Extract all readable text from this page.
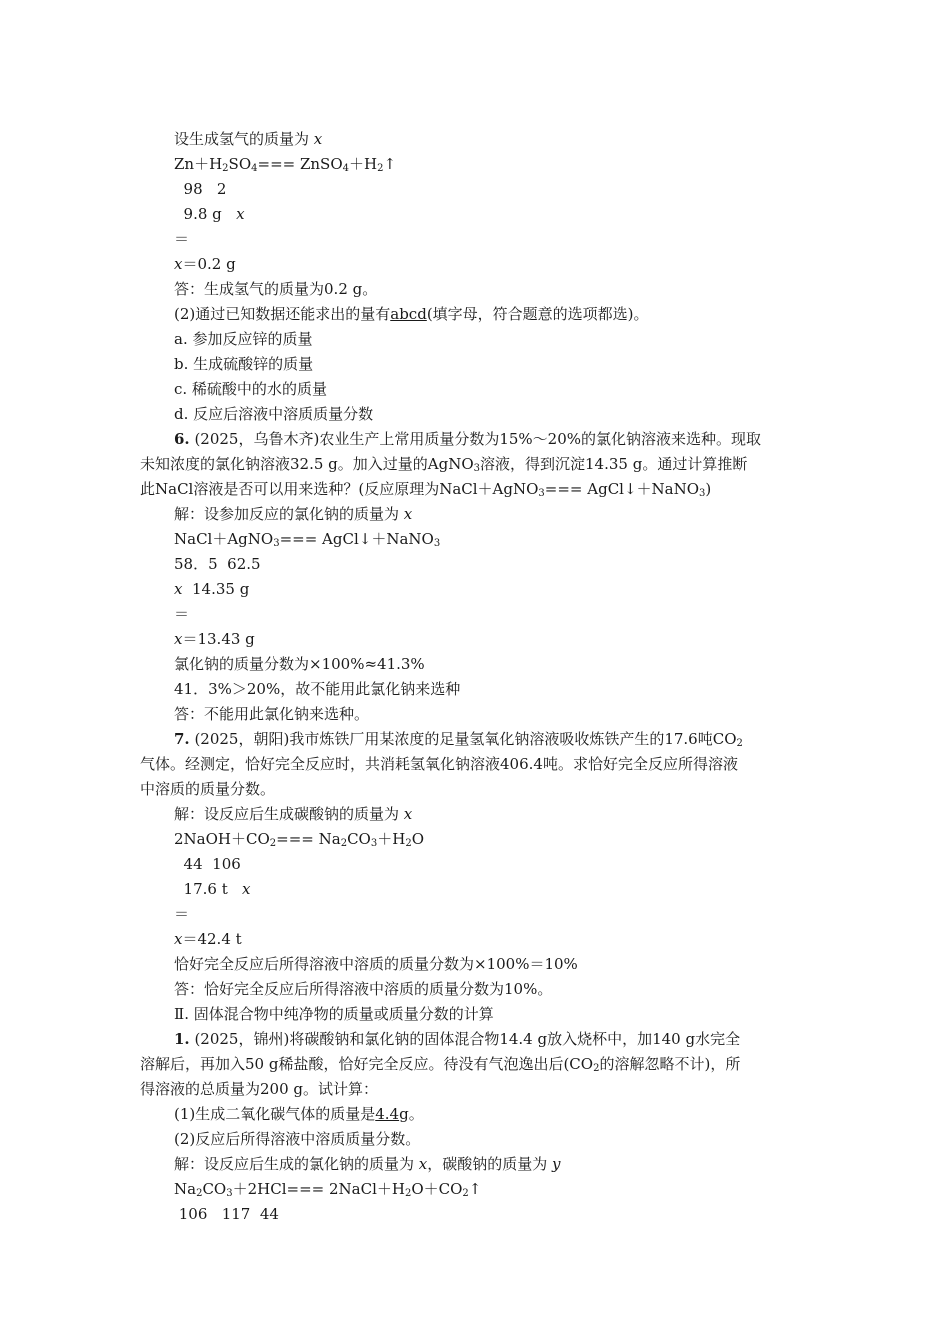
设生成氢气的质量为 x
$Zn+H_2SO_4===$ $ZnSO_4+H_2↑$
98   2
9.8 g   x
＝
x＝0.2 g
答：生成氢气的质量为0.2 g。
(2)通过已知数据还能求出的量有abcd(填字母，符合题意的选项都选)。
a. 参加反应锌的质量
b. 生成硫酸锌的质量
c. 稀硫酸中的水的质量
d. 反应后溶液中溶质质量分数
6. (2025，乌鲁木齐)农业生产上常用质量分数为15%～20%的氯化钠溶液来选种。现取
未知浓度的氯化钠溶液32.5 g。加入过量的AgNO$_3$溶液，得到沉淀14.35 g。通过计算推断
此NaCl溶液是否可以用来选种？(反应原理为NaCl＋AgNO$_3$=== AgCl↓＋NaNO$_3$)
解：设参加反应的氯化钠的质量为 x
NaCl＋AgNO$_3$=== AgCl↓＋NaNO$_3$
58．5  62.5
x  14.35 g
＝
x＝13.43 g
氯化钠的质量分数为×100%≈41.3%
41．3%＞20%，故不能用此氯化钠来选种
答：不能用此氯化钠来选种。
7. (2025，朝阳)我市炼铁厂用某浓度的足量氢氧化钠溶液吸收炼铁产生的17.6吨$CO_2$
气体。经测定，恰好完全反应时，共消耗氢氧化钠溶液406.4吨。求恰好完全反应所得溶液
中溶质的质量分数。
解：设反应后生成碳酸钠的质量为 x
$2NaOH+CO_2=== Na_2CO_3+H_2O$
44  106
17.6 t   x
＝
x＝42.4 t
恰好完全反应后所得溶液中溶质的质量分数为×100%＝10%
答：恰好完全反应后所得溶液中溶质的质量分数为10%。
Ⅱ. 固体混合物中纯净物的质量或质量分数的计算
1. (2025，锦州)将碳酸钠和氯化钠的固体混合物14.4 g放入烧杯中，加140 g水完全
溶解后，再加入50 g稀盐酸，恰好完全反应。待没有气泡逸出后($CO_2$的溶解忽略不计)，所
得溶液的总质量为200 g。试计算：
(1)生成二氧化碳气体的质量是4.4g。
(2)反应后所得溶液中溶质质量分数。
解：设反应后生成的氯化钠的质量为 x，碳酸钠的质量为 y
$Na_2CO_3+2HCl===$ $2NaCl+H_2O+CO_2↑$
106   117  44
